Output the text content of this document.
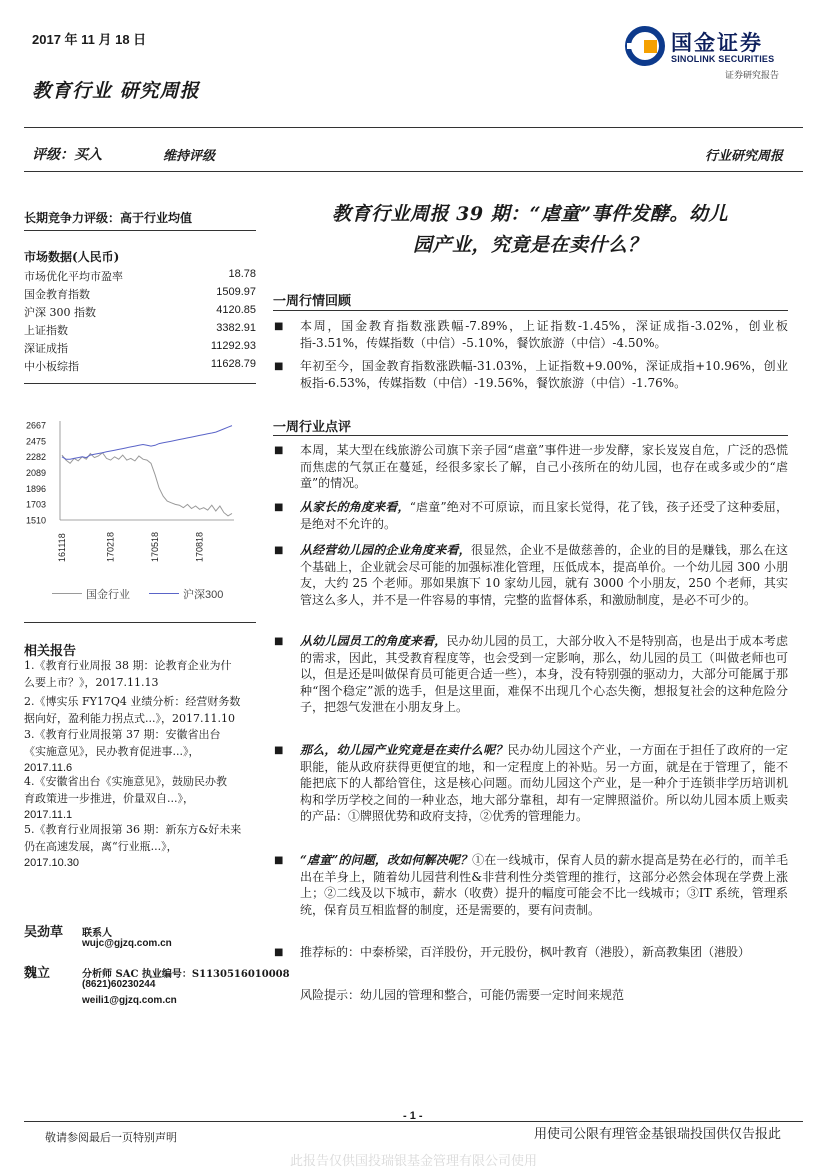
2017 年 11 月 18 日
教育行业 研究周报
国金证券
SINOLINK SECURITIES
证券研究报告
评级：买入	维持评级	行业研究周报
长期竞争力评级：高于行业均值
市场数据(人民币)
市场优化平均市盈率	18.78
国金教育指数	1509.97
沪深 300 指数	4120.85
上证指数	3382.91
深证成指	11292.93
中小板综指	11628.79
2667
2475
2282
2089
1896
1703
1510
161118	170218	170518	170818
国金行业	沪深300
相关报告
1.《教育行业周报 38 期：论教育企业为什
么要上市？》，2017.11.13
2.《博实乐 FY17Q4 业绩分析：经营财务数
据向好，盈利能力拐点式...》，2017.11.10
3.《教育行业周报第 37 期：安徽省出台
《实施意见》，民办教育促进事...》，
2017.11.6
4.《安徽省出台《实施意见》，鼓励民办教
育政策进一步推进，价量双自...》，
2017.11.1
5.《教育行业周报第 36 期：新东方&好未来
仍在高速发展，离“行业瓶...》，
2017.10.30
吴劲草 联系人
wujc@gjzq.com.cn
魏立	分析师 SAC 执业编号：S1130516010008
(8621)60230244
weili1@gjzq.com.cn
教育行业周报 39 期：“虐童”事件发酵。幼儿
园产业，究竟是在卖什么？
一周行情回顾
■ 本周，国金教育指数涨跌幅-7.89%，上证指数-1.45%，深证成指-3.02%，创业板指-3.51%，传媒指数（中信）-5.10%，餐饮旅游（中信）-4.50%。
■ 年初至今，国金教育指数涨跌幅-31.03%，上证指数+9.00%，深证成指+10.96%，创业板指-6.53%，传媒指数（中信）-19.56%，餐饮旅游（中信）-1.76%。
一周行业点评
■ 本周，某大型在线旅游公司旗下亲子园“虐童”事件进一步发酵，家长岌岌自危，广泛的恐慌而焦虑的气氛正在蔓延，经很多家长了解，自己小孩所在的幼儿园，也存在或多或少的“虐童”的情况。
■ 从家长的角度来看，“虐童”绝对不可原谅，而且家长觉得，花了钱，孩子还受了这种委屈，是绝对不允许的。
■ 从经营幼儿园的企业角度来看，很显然，企业不是做慈善的，企业的目的是赚钱，那么在这个基础上，企业就会尽可能的加强标准化管理，压低成本，提高单价。一个幼儿园 300 小朋友，大约 25 个老师。那如果旗下 10 家幼儿园，就有 3000 个小朋友，250 个老师，其实管这么多人，并不是一件容易的事情，完整的监督体系，和激励制度，是必不可少的。
■ 从幼儿园员工的角度来看，民办幼儿园的员工，大部分收入不是特别高，也是出于成本考虑的需求，因此，其受教育程度等，也会受到一定影响，那么，幼儿园的员工（叫做老师也可以，但是还是叫做保育员可能更合适一些），本身，没有特别强的驱动力，大部分可能属于那种“图个稳定”派的选手，但是这里面，难保不出现几个心态失衡，想报复社会的这种危险分子，把怨气发泄在小朋友身上。
■ 那么，幼儿园产业究竟是在卖什么呢？民办幼儿园这个产业，一方面在于担任了政府的一定职能，能从政府获得更便宜的地，和一定程度上的补贴。另一方面，就是在于管理了，能不能把底下的人都给管住，这是核心问题。而幼儿园这个产业，是一种介于连锁非学历培训机构和学历学校之间的一种业态，地大部分靠租，却有一定牌照溢价。所以幼儿园本质上贩卖的产品：①牌照优势和政府支持，②优秀的管理能力。
■ “虐童”的问题，改如何解决呢？①在一线城市，保育人员的薪水提高是势在必行的，而羊毛出在羊身上，随着幼儿园营利性&非营利性分类管理的推行，这部分必然会体现在学费上涨上；②二线及以下城市，薪水（收费）提升的幅度可能会不比一线城市；③IT 系统，管理系统，保育员互相监督的制度，还是需要的，要有问责制。
■ 推荐标的：中泰桥梁，百洋股份，开元股份，枫叶教育（港股），新高教集团（港股）
风险提示：幼儿园的管理和整合，可能仍需要一定时间来规范
- 1 -
敬请参阅最后一页特别声明	用使司公限有理管金基银瑞投国供仅告报此
此报告仅供国投瑞银基金管理有限公司使用
